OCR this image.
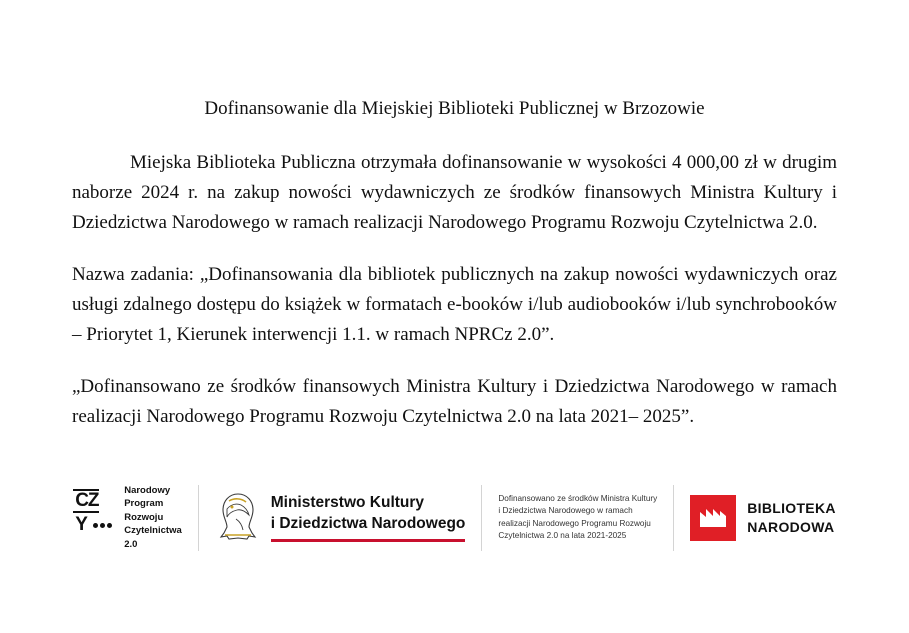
Dofinansowanie dla Miejskiej Biblioteki Publicznej w Brzozowie

Miejska Biblioteka Publiczna otrzymała dofinansowanie w wysokości 4 000,00 zł w drugim naborze 2024 r. na zakup nowości wydawniczych ze środków finansowych Ministra Kultury i Dziedzictwa Narodowego w ramach realizacji Narodowego Programu Rozwoju Czytelnictwa 2.0.

Nazwa zadania: „Dofinansowania dla bibliotek publicznych na zakup nowości wydawniczych oraz usługi zdalnego dostępu do książek w formatach e-booków i/lub audiobooków i/lub synchrobooków – Priorytet 1, Kierunek interwencji 1.1. w ramach NPRCz 2.0”.

„Dofinansowano ze środków finansowych Ministra Kultury i Dziedzictwa Narodowego w ramach realizacji Narodowego Programu Rozwoju Czytelnictwa 2.0 na lata 2021– 2025”.

CZ
Y
Narodowy
Program
Rozwoju
Czytelnictwa
2.0
Ministerstwo Kultury
i Dziedzictwa Narodowego
Dofinansowano ze środków Ministra Kultury
i Dziedzictwa Narodowego w ramach
realizacji Narodowego Programu Rozwoju
Czytelnictwa 2.0 na lata 2021-2025
BIBLIOTEKA
NARODOWA
